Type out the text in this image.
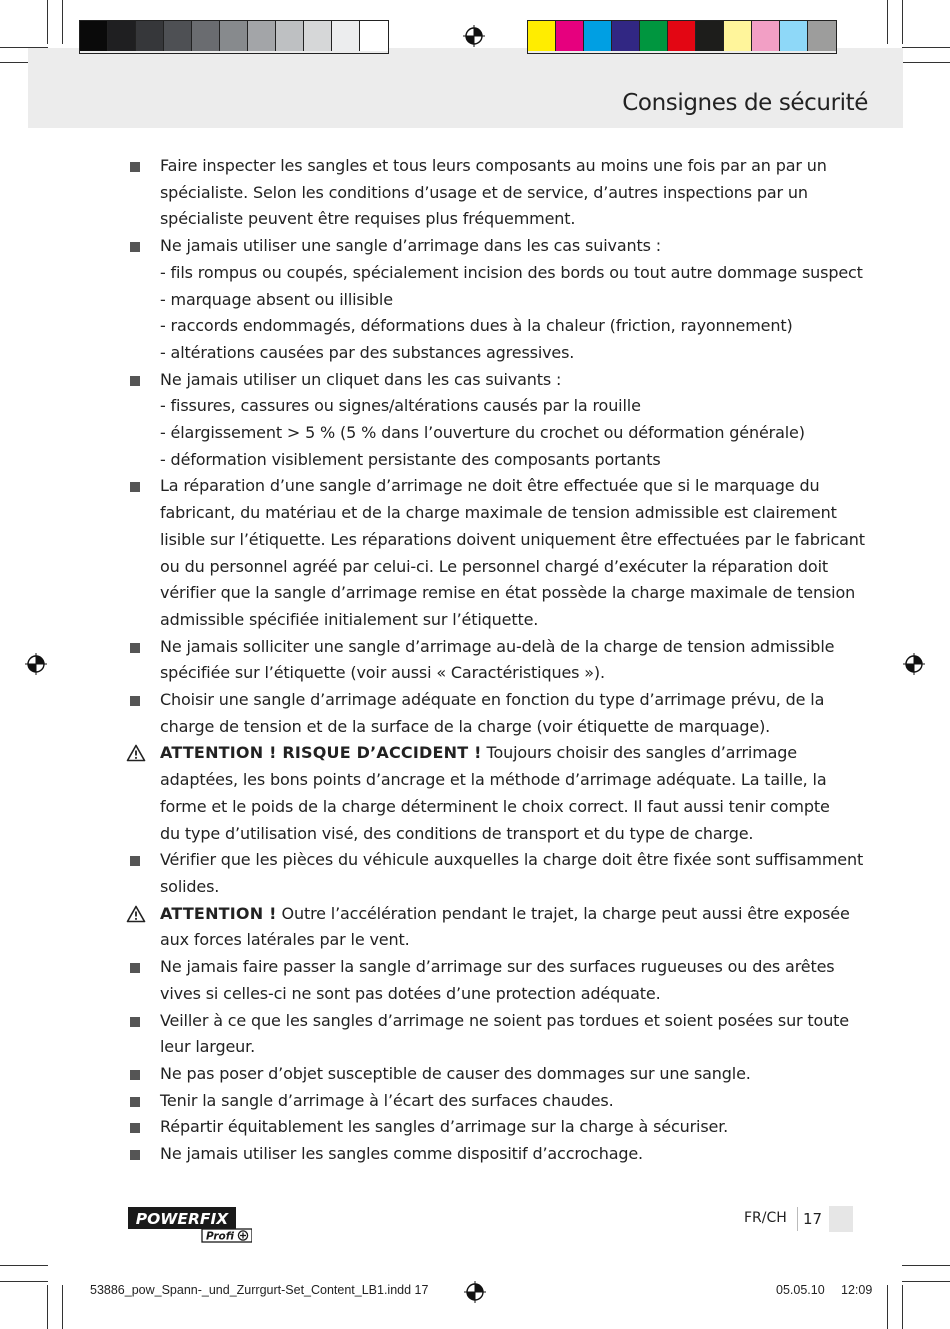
Consignes de sécurité
Faire inspecter les sangles et tous leurs composants au moins une fois par an par un
spécialiste. Selon les conditions d’usage et de service, d’autres inspections par un
spécialiste peuvent être requises plus fréquemment.
Ne jamais utiliser une sangle d’arrimage dans les cas suivants :
- fils rompus ou coupés, spécialement incision des bords ou tout autre dommage suspect
- marquage absent ou illisible
- raccords endommagés, déformations dues à la chaleur (friction, rayonnement)
- altérations causées par des substances agressives.
Ne jamais utiliser un cliquet dans les cas suivants :
- fissures, cassures ou signes/altérations causés par la rouille
- élargissement > 5 % (5 % dans l’ouverture du crochet ou déformation générale)
- déformation visiblement persistante des composants portants
La réparation d’une sangle d’arrimage ne doit être effectuée que si le marquage du
fabricant, du matériau et de la charge maximale de tension admissible est clairement
lisible sur l’étiquette. Les réparations doivent uniquement être effectuées par le fabricant
ou du personnel agréé par celui-ci. Le personnel chargé d’exécuter la réparation doit
vérifier que la sangle d’arrimage remise en état possède la charge maximale de tension
admissible spécifiée initialement sur l’étiquette.
Ne jamais solliciter une sangle d’arrimage au-delà de la charge de tension admissible
spécifiée sur l’étiquette (voir aussi « Caractéristiques »).
Choisir une sangle d’arrimage adéquate en fonction du type d’arrimage prévu, de la
charge de tension et de la surface de la charge (voir étiquette de marquage).
ATTENTION ! RISQUE D’ACCIDENT ! Toujours choisir des sangles d’arrimage
adaptées, les bons points d’ancrage et la méthode d’arrimage adéquate. La taille, la
forme et le poids de la charge déterminent le choix correct. Il faut aussi tenir compte
du type d’utilisation visé, des conditions de transport et du type de charge.
Vérifier que les pièces du véhicule auxquelles la charge doit être fixée sont suffisamment
solides.
ATTENTION ! Outre l’accélération pendant le trajet, la charge peut aussi être exposée
aux forces latérales par le vent.
Ne jamais faire passer la sangle d’arrimage sur des surfaces rugueuses ou des arêtes
vives si celles-ci ne sont pas dotées d’une protection adéquate.
Veiller à ce que les sangles d’arrimage ne soient pas tordues et soient posées sur toute
leur largeur.
Ne pas poser d’objet susceptible de causer des dommages sur une sangle.
Tenir la sangle d’arrimage à l’écart des surfaces chaudes.
Répartir équitablement les sangles d’arrimage sur la charge à sécuriser.
Ne jamais utiliser les sangles comme dispositif d’accrochage.
POWERFIX
Profi
FR/CH 17
53886_pow_Spann-_und_Zurrgurt-Set_Content_LB1.indd 17	05.05.10 12:09
